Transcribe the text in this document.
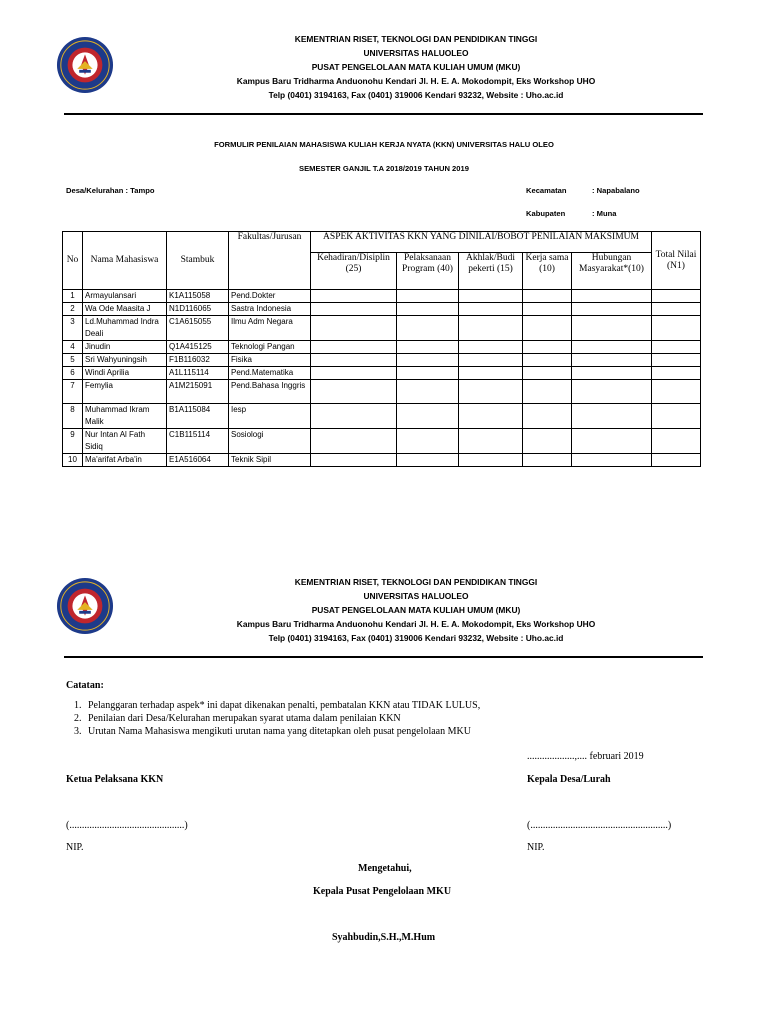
KEMENTRIAN RISET, TEKNOLOGI DAN PENDIDIKAN TINGGI
UNIVERSITAS HALUOLEO
PUSAT PENGELOLAAN MATA KULIAH UMUM (MKU)
Kampus Baru Tridharma Anduonohu Kendari Jl. H. E. A. Mokodompit, Eks Workshop UHO
Telp (0401) 3194163, Fax (0401) 319006 Kendari 93232, Website : Uho.ac.id
FORMULIR PENILAIAN MAHASISWA KULIAH KERJA NYATA (KKN) UNIVERSITAS HALU OLEO
SEMESTER GANJIL T.A 2018/2019 TAHUN 2019
Desa/Kelurahan : Tampo	Kecamatan	: Napabalano
Kabupaten	: Muna
No	Nama Mahasiswa	Stambuk	Fakultas/Jurusan	ASPEK AKTIVITAS KKN YANG DINILAI/BOBOT PENILAIAN MAKSIMUM					Total Nilai (N1)
				Kehadiran/Disiplin (25)	Pelaksanaan Program (40)	Akhlak/Budi pekerti (15)	Kerja sama (10)	Hubungan Masyarakat*(10)	
1	Armayulansari	K1A115058	Pend.Dokter						
2	Wa Ode Maasita J	N1D116065	Sastra Indonesia						
3	Ld.Muhammad Indra Deali	C1A615055	Ilmu Adm Negara						
4	Jinudin	Q1A415125	Teknologi Pangan						
5	Sri Wahyuningsih	F1B116032	Fisika						
6	Windi Aprilia	A1L115114	Pend.Matematika						
7	Femylia	A1M215091	Pend.Bahasa Inggris						
8	Muhammad Ikram Malik	B1A115084	Iesp						
9	Nur Intan Al Fath Sidiq	C1B115114	Sosiologi						
10	Ma'arifat Arba'in	E1A516064	Teknik Sipil						
KEMENTRIAN RISET, TEKNOLOGI DAN PENDIDIKAN TINGGI
UNIVERSITAS HALUOLEO
PUSAT PENGELOLAAN MATA KULIAH UMUM (MKU)
Kampus Baru Tridharma Anduonohu Kendari Jl. H. E. A. Mokodompit, Eks Workshop UHO
Telp (0401) 3194163, Fax (0401) 319006 Kendari 93232, Website : Uho.ac.id
Catatan:
1. Pelanggaran terhadap aspek* ini dapat dikenakan penalti, pembatalan KKN atau TIDAK LULUS,
2. Penilaian dari Desa/Kelurahan merupakan syarat utama dalam penilaian KKN
3. Urutan Nama Mahasiswa mengikuti urutan nama yang ditetapkan oleh pusat pengelolaan MKU
...................,.... februari 2019
Ketua Pelaksana KKN	Kepala Desa/Lurah
(..............................................)	(.......................................................)
NIP.	NIP.
Mengetahui,
Kepala Pusat Pengelolaan MKU
Syahbudin,S.H.,M.Hum
